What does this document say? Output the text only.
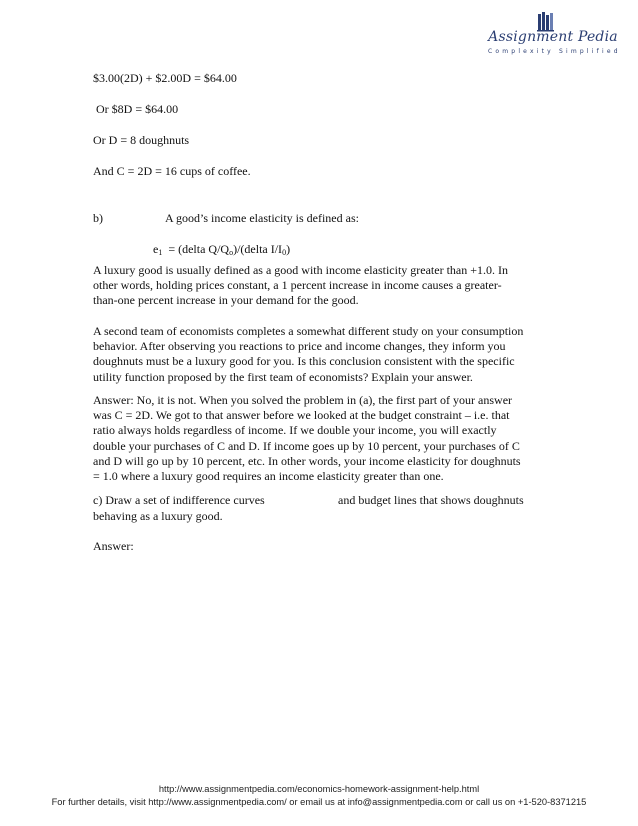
Assignment Pedia
Complexity Simplified
$3.00(2D) + $2.00D = $64.00
Or $8D = $64.00
Or D = 8 doughnuts
And C = 2D = 16 cups of coffee.
b)	A good’s income elasticity is defined as:
$e_1$ = (delta $Q/Q_o)/(delta$ $I/I_0$)
A luxury good is usually defined as a good with income elasticity greater than +1.0. In
other words, holding prices constant, a 1 percent increase in income causes a greater-
than-one percent increase in your demand for the good.
A second team of economists completes a somewhat different study on your consumption
behavior. After observing you reactions to price and income changes, they inform you
doughnuts must be a luxury good for you. Is this conclusion consistent with the specific
utility function proposed by the first team of economists? Explain your answer.
Answer: No, it is not. When you solved the problem in (a), the first part of your answer
was C = 2D. We got to that answer before we looked at the budget constraint – i.e. that
ratio always holds regardless of income. If we double your income, you will exactly
double your purchases of C and D. If income goes up by 10 percent, your purchases of C
and D will go up by 10 percent, etc. In other words, your income elasticity for doughnuts
= 1.0 where a luxury good requires an income elasticity greater than one.
c) Draw a set of indifference curves	and budget lines that shows doughnuts
behaving as a luxury good.
Answer:
http://www.assignmentpedia.com/economics-homework-assignment-help.html
For further details, visit http://www.assignmentpedia.com/ or email us at info@assignmentpedia.com or call us on +1-520-8371215
